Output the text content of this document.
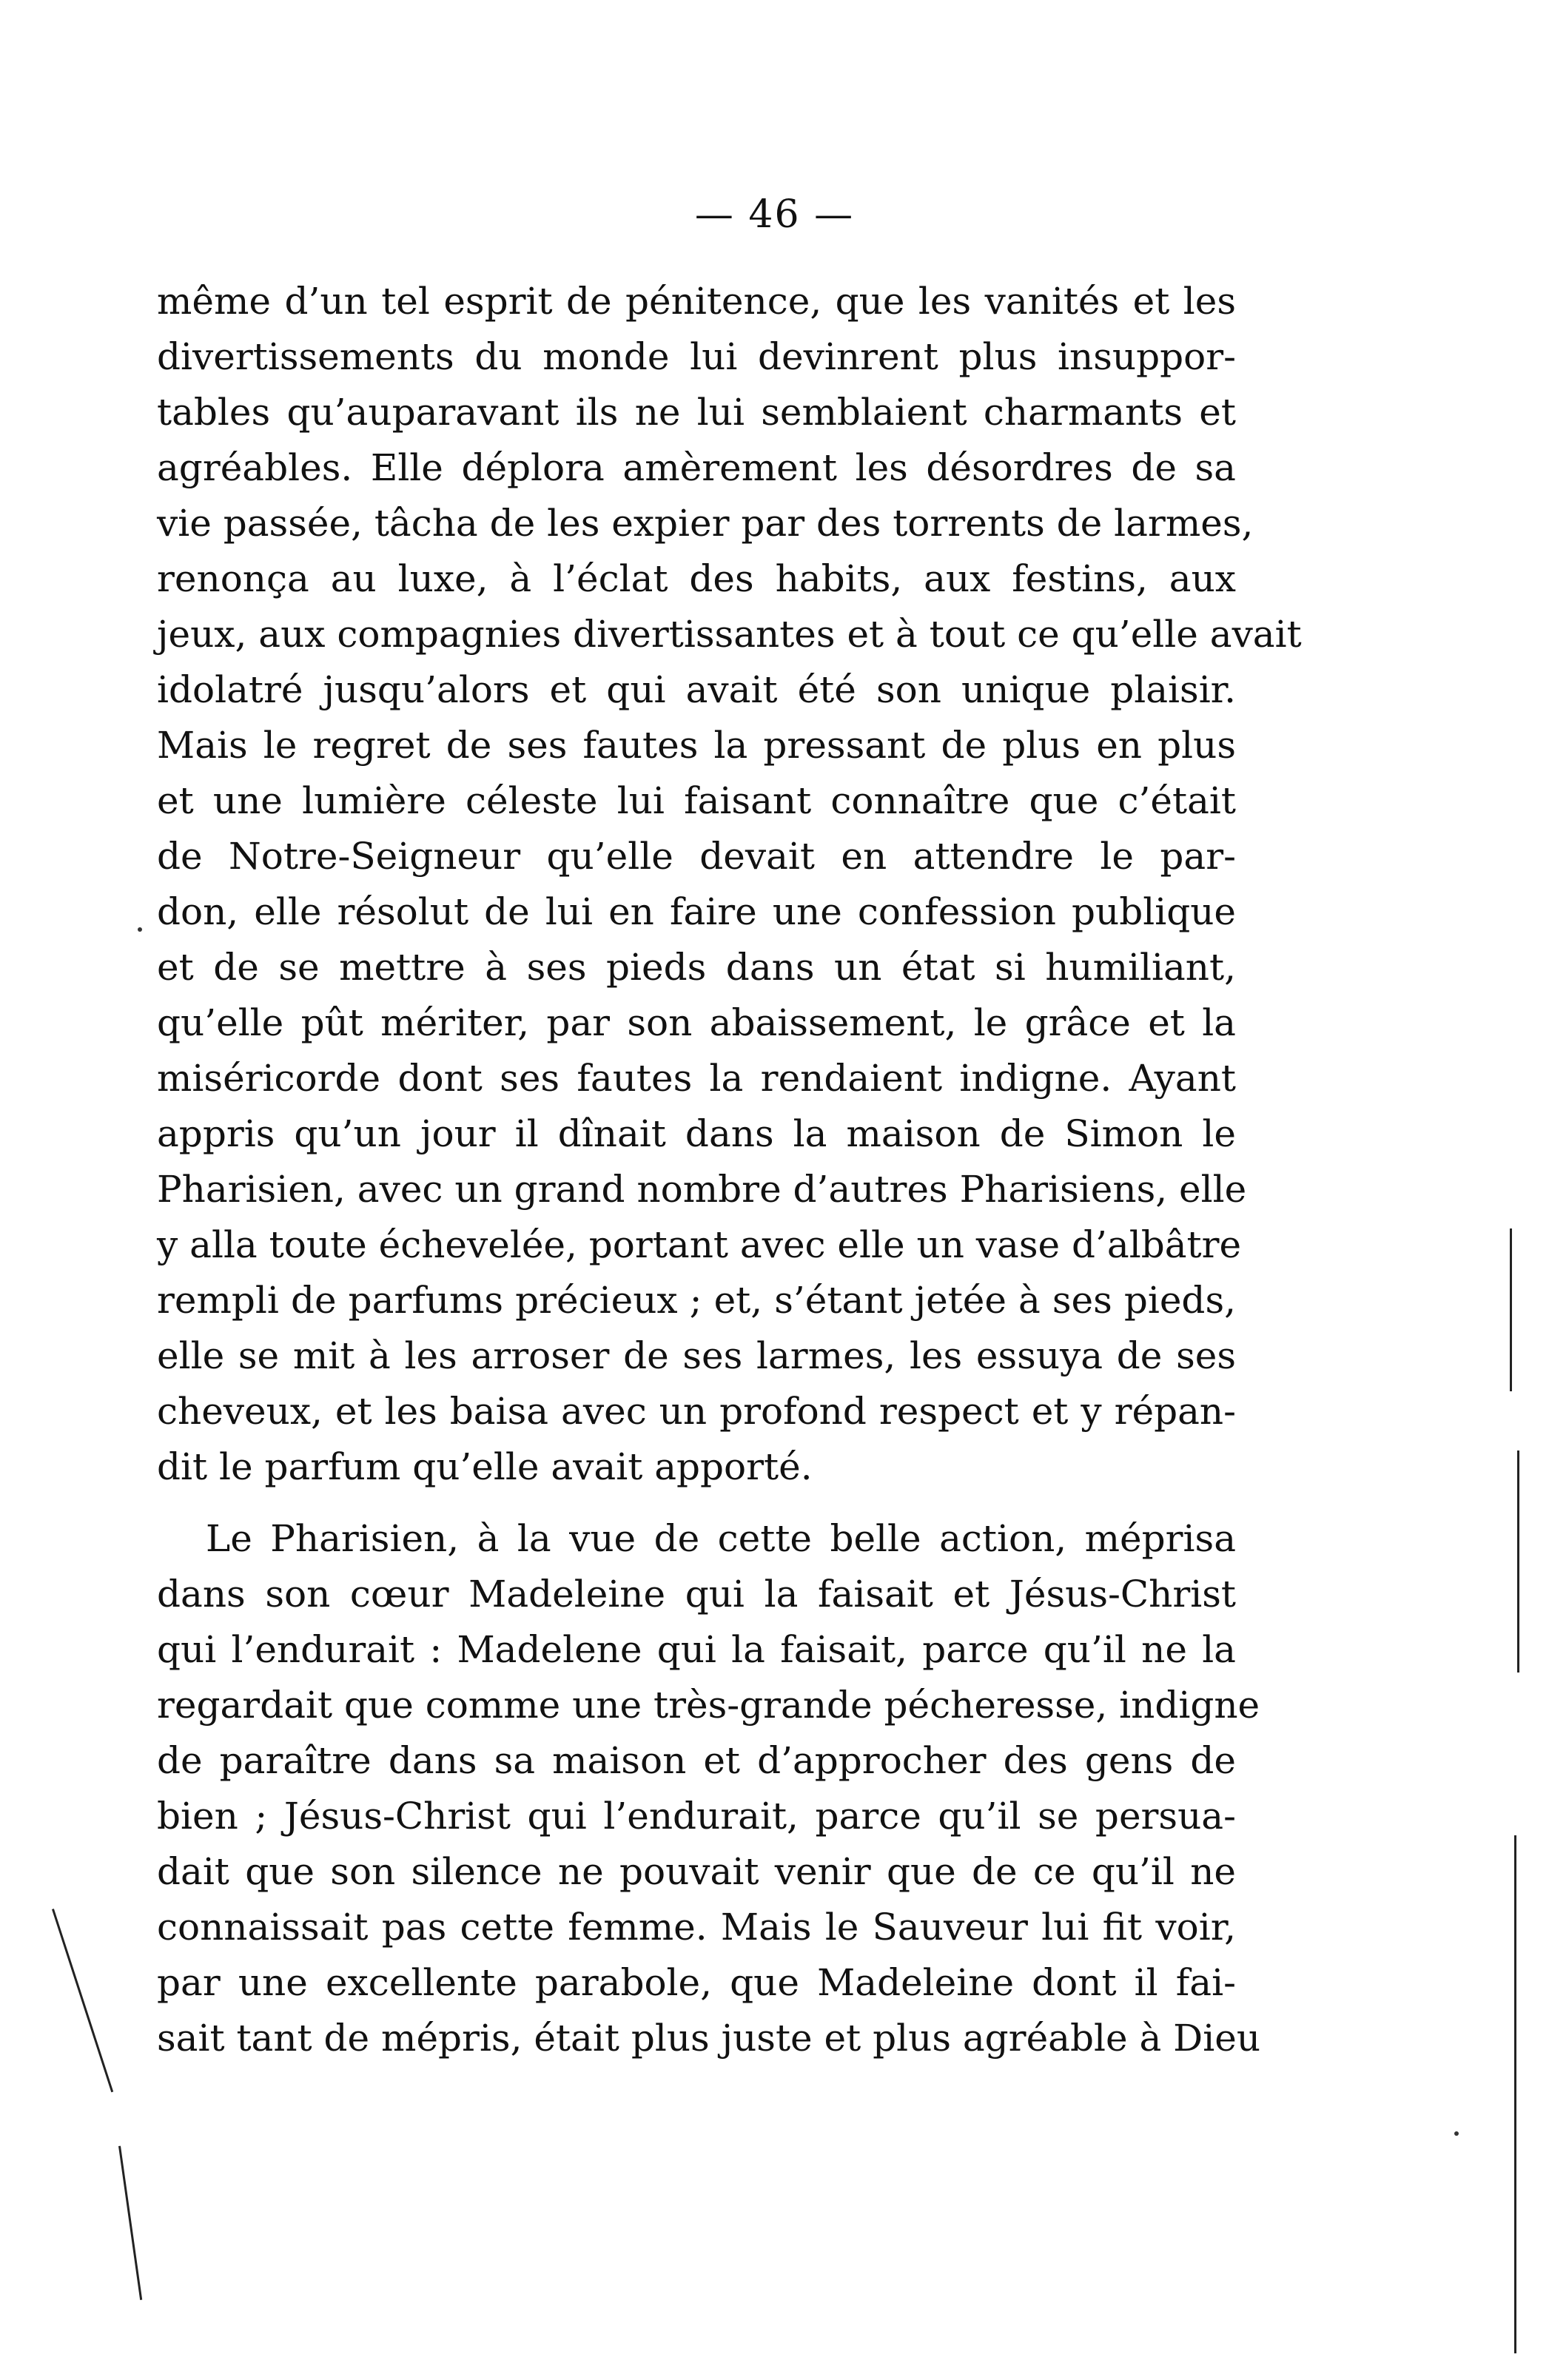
— 46 —
même d’un tel esprit de pénitence, que les vanités et les
divertissements du monde lui devinrent plus insuppor-
tables qu’auparavant ils ne lui semblaient charmants et
agréables. Elle déplora amèrement les désordres de sa
vie passée, tâcha de les expier par des torrents de larmes,
renonça au luxe, à l’éclat des habits, aux festins, aux
jeux, aux compagnies divertissantes et à tout ce qu’elle avait
idolatré jusqu’alors et qui avait été son unique plaisir.
Mais le regret de ses fautes la pressant de plus en plus
et une lumière céleste lui faisant connaître que c’était
de Notre-Seigneur qu’elle devait en attendre le par-
don, elle résolut de lui en faire une confession publique
et de se mettre à ses pieds dans un état si humiliant,
qu’elle pût mériter, par son abaissement, le grâce et la
miséricorde dont ses fautes la rendaient indigne. Ayant
appris qu’un jour il dînait dans la maison de Simon le
Pharisien, avec un grand nombre d’autres Pharisiens, elle
y alla toute échevelée, portant avec elle un vase d’albâtre
rempli de parfums précieux ; et, s’étant jetée à ses pieds,
elle se mit à les arroser de ses larmes, les essuya de ses
cheveux, et les baisa avec un profond respect et y répan-
dit le parfum qu’elle avait apporté.
Le Pharisien, à la vue de cette belle action, méprisa
dans son cœur Madeleine qui la faisait et Jésus-Christ
qui l’endurait : Madelene qui la faisait, parce qu’il ne la
regardait que comme une très-grande pécheresse, indigne
de paraître dans sa maison et d’approcher des gens de
bien ; Jésus-Christ qui l’endurait, parce qu’il se persua-
dait que son silence ne pouvait venir que de ce qu’il ne
connaissait pas cette femme. Mais le Sauveur lui fit voir,
par une excellente parabole, que Madeleine dont il fai-
sait tant de mépris, était plus juste et plus agréable à Dieu
